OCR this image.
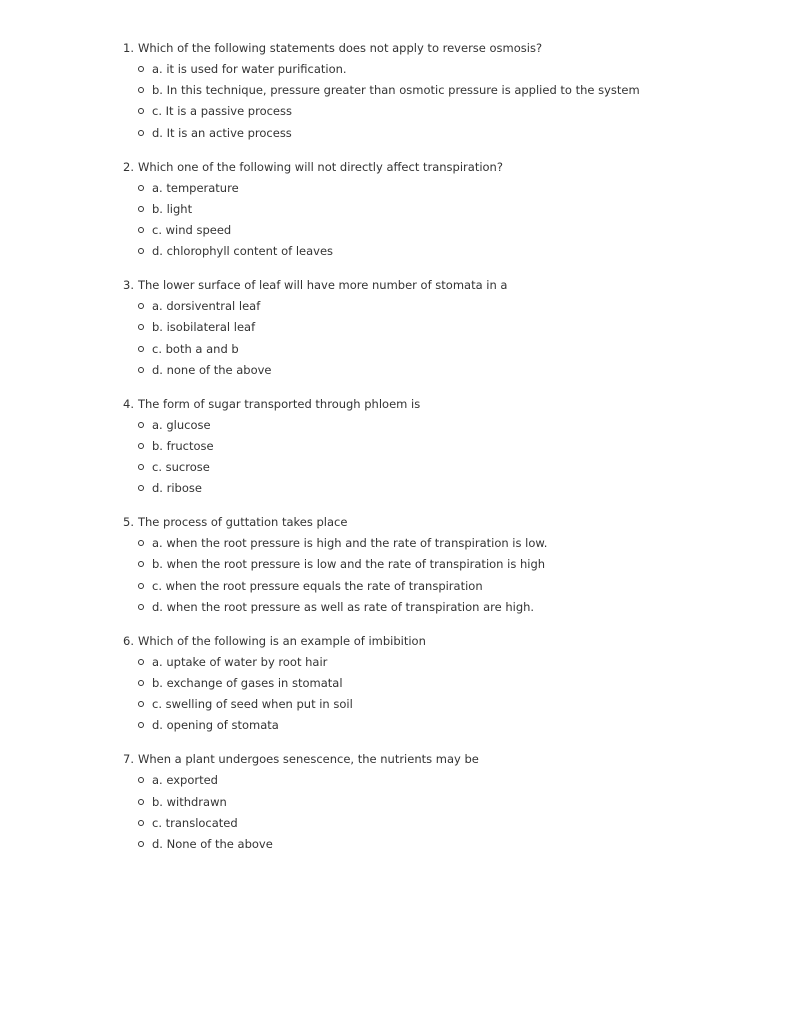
1. Which of the following statements does not apply to reverse osmosis?
a. it is used for water purification.
b. In this technique, pressure greater than osmotic pressure is applied to the system
c. It is a passive process
d. It is an active process
2. Which one of the following will not directly affect transpiration?
a. temperature
b. light
c. wind speed
d. chlorophyll content of leaves
3. The lower surface of leaf will have more number of stomata in a
a. dorsiventral leaf
b. isobilateral leaf
c. both a and b
d. none of the above
4. The form of sugar transported through phloem is
a. glucose
b. fructose
c. sucrose
d. ribose
5. The process of guttation takes place
a. when the root pressure is high and the rate of transpiration is low.
b. when the root pressure is low and the rate of transpiration is high
c. when the root pressure equals the rate of transpiration
d. when the root pressure as well as rate of transpiration are high.
6. Which of the following is an example of imbibition
a. uptake of water by root hair
b. exchange of gases in stomatal
c. swelling of seed when put in soil
d. opening of stomata
7. When a plant undergoes senescence, the nutrients may be
a. exported
b. withdrawn
c. translocated
d. None of the above
